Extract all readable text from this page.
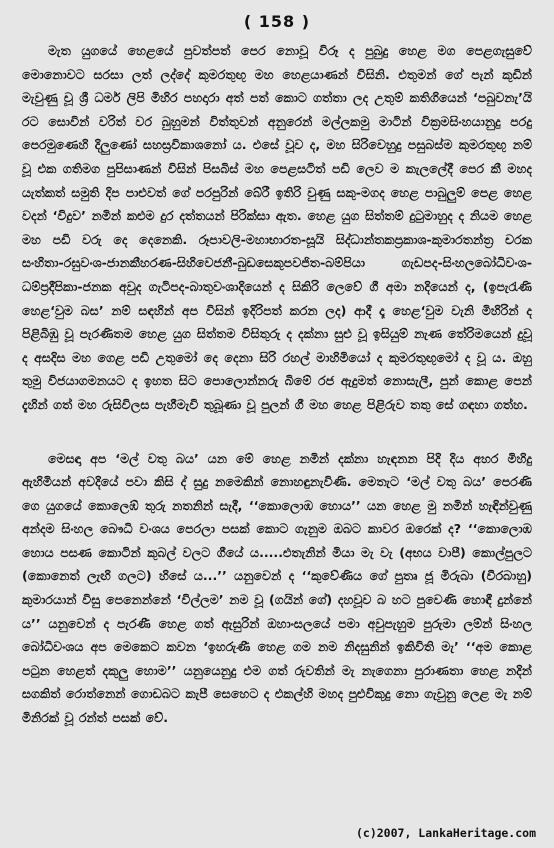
( 158 )

මැත යුගයේ හෙළයේ පුවත්පත් පෙර නොවූ විරූ ද පුබුදු හෙළ මග පෙළගැසුවේ මොනොවට සරසා ලත් ලද්දේ කුමරතුඟු මහ හෙළයාණන් විසිනි. එතුමන් ගේ පැන් කුඩින් මැවුණු චූ ශ්‍රී ධර්ම ලිපි මිහිර පහදාරා අත් පත් කොට ගත්තා ලද උතුම් කතිගියෙන් ‘පබුවනැ’යි රට සොවින් වරිත් වර බුහුමන් විත්තුවන් අනුරෙන් මල්ලකමු මාටින් වික්‍රමසිංහයානුදු පරදු පෙරමුණෙහි දිලුණෝ සහස්‍රවිකාශනෝ ය. එසේ වූව ද, මහ සිරිවෙහුදු පසුබස්ම කුමරතුඟු නම් වූ එක ගතිමග පුපිසාණන් විසින් පිසබිස් මහ පෙළසටිත් පඩි ලෙව ම කැලලේදී පෙර කී මහද යැත්කත් සමුති දිප පාළුවත් ගේ පරපුරින් බේරී ඉතිරි වුණු සකු-මගද හෙළ පාබුලුම් පෙළ හෙළ වදන් ‘විදුව’ නමින් කළුම දුර දත්තයන් පිරික්සා ඇත. හෙළ යුග සිත්තම් දුටුමාහුද ද නියම හෙළ මහ පඩි වරු දෙ දෙනෙකි. රූපාවලි-මහාභාරත-සූයි සිද්ධාන්තකප්‍රකාශ-කුමාරතන්ත්‍ර චරක සංහිතා-රඝුවංශ-ජානකීහරණ-සිහිවෙජනී-බුඩසෙකුපවජිත-බම්පියා ගැඩපද-සිංහලබෝධිවංශ-ධම්ප්‍රදීපිකා-ජනක අවුද ගැටිපද-බාතුවංශාදියෙන් ද සිකිරි ලෙවේ ගී අමා නදියෙන් ද, (ඉපැරැණි හෙළ‘වුම බස’ නම් සඳහින් අප විසින් ඉදිරිපත් කරන ලද) ආදී දෑ හෙළ‘වුම වැනි මිහිරින් ද පිළිබිඹු වූ පැරණිතම හෙළ යුග සිත්තම විසිතුරු ද දක්නා සුළු වූ ඉසියුම් නැණ තේරිමයෙන් දුවූ ද අසදිස මහ ගෙළ පඩි උතුමෝ දෙ දෙනා සිරි රහල් මාහිමියෝ ද කුමරතුඟුමෝ ද වූ ය. ඔහු තුමු විජයාගමනයට ද ඉහත සිට පොලොන්නරු බිමේ රජ ඇදුමත් නොසැලී, පුන් කොළ පෙන් දැහින් ගත් මහ රුසිවිලස පැහීමැවි තුබූණා වූ පුලන් ගී මහ හෙළ පිළිරුව තතු සේ ගඳහා ගත්හ.

මෙසඳා අප ‘මල් වතු බය’ යන මේ හෙළ නමින් දක්නා හැඳනන පිදි දිය අහර මිහිදු ඇහිමියන් අවදියේ පවා කිසි ද් සුදු නමෙකින් නොහඳුනැවිණි. මෙතැට ‘මල් වතු බය’ පෙරණි ගෙ යුගයේ කොලෙඹ් තුරු නතනින් සැදී, ‘‘කොලොඹ හොය’’ යන හෙළ මු නමින් හැඳින්වුණු අන්දම සිංහල බෞධි වංශය පෙරලා පසක් කොට ගැනුම ඔබට කාවර ඔරෙක් ද? ‘‘කොලොඹ හොය පසණ කොටින් කුබල් වලට ගීයේ ය.....එතැනින් මියා මැ වැ (අභය වාපී) කොල්පුලට (කොනෙත් ලැඟි ගලට) හිසේ ය...’’ යනුවෙන් ද ‘‘කුවේණිය ගේ පුත්‍රු ජූ මිරුබා (වීරබාහු) කුමාරයාන් විසු පෙනෙන්නේ ‘විල්ලම’ නම වූ (ගයින් ගේ) දහවූව බ හට පුවෙණි හොඳී දුන්නේ ය’’ යනුවෙන් ද පැරණී හෙළ ගත් ඇසුරින් ඔහාංසලයේ පමා අවුපැහුම පුරුමා ලම්න් සිංහල බෝධිවංශය අප මෙකෙට ක‍වන ‘ඉහ‍රුණී හෙළ ගම නම නිදසුනින් ඉකිවිති මැ’ ‘‘අම කොළ පටුන හෙළත් දකුලු හොම’’ යනුයෙනුදු එම ගත් රුවතින් මැ නැගෙනා පුරාණතා හෙළ නදින් සගකිත් ‍රොත්නෙන් ගොඩබට කැපී සෙහෙට ද එකල්හි මහද පුළුවිකුදු නො ගැවුනු ලෙළ මැ නම් මිනිරක් වූ රන්ත් පසක් වේ.

(c)2007, LankaHeritage.com
